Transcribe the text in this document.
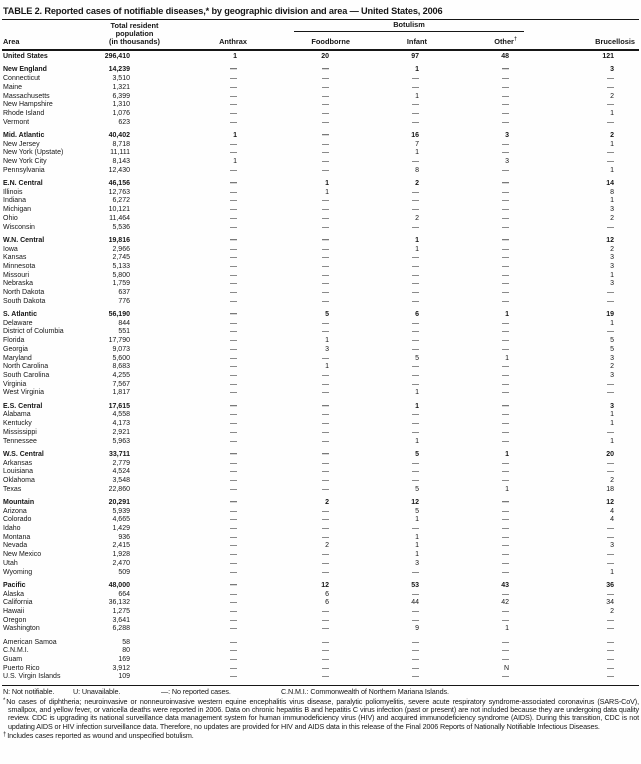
TABLE 2. Reported cases of notifiable diseases,* by geographic division and area — United States, 2006
Area	Total resident
population
(in thousands)	Anthrax	Botulism			Brucellosis
			Foodborne	Infant	Other†
United States	296,410	1	20	97	48	121
New England	14,239	—	—	1	—	3
Connecticut	3,510	—	—	—	—	—
Maine	1,321	—	—	—	—	—
Massachusetts	6,399	—	—	1	—	2
New Hampshire	1,310	—	—	—	—	—
Rhode Island	1,076	—	—	—	—	1
Vermont	623	—	—	—	—	—
Mid. Atlantic	40,402	1	—	16	3	2
New Jersey	8,718	—	—	7	—	1
New York (Upstate)	11,111	—	—	1	—	—
New York City	8,143	1	—	—	3	—
Pennsylvania	12,430	—	—	8	—	1
E.N. Central	46,156	—	1	2	—	14
Illinois	12,763	—	1	—	—	8
Indiana	6,272	—	—	—	—	1
Michigan	10,121	—	—	—	—	3
Ohio	11,464	—	—	2	—	2
Wisconsin	5,536	—	—	—	—	—
W.N. Central	19,816	—	—	1	—	12
Iowa	2,966	—	—	1	—	2
Kansas	2,745	—	—	—	—	3
Minnesota	5,133	—	—	—	—	3
Missouri	5,800	—	—	—	—	1
Nebraska	1,759	—	—	—	—	3
North Dakota	637	—	—	—	—	—
South Dakota	776	—	—	—	—	—
S. Atlantic	56,190	—	5	6	1	19
Delaware	844	—	—	—	—	1
District of Columbia	551	—	—	—	—	—
Florida	17,790	—	1	—	—	5
Georgia	9,073	—	3	—	—	5
Maryland	5,600	—	—	5	1	3
North Carolina	8,683	—	1	—	—	2
South Carolina	4,255	—	—	—	—	3
Virginia	7,567	—	—	—	—	—
West Virginia	1,817	—	—	1	—	—
E.S. Central	17,615	—	—	1	—	3
Alabama	4,558	—	—	—	—	1
Kentucky	4,173	—	—	—	—	1
Mississippi	2,921	—	—	—	—	—
Tennessee	5,963	—	—	1	—	1
W.S. Central	33,711	—	—	5	1	20
Arkansas	2,779	—	—	—	—	—
Louisiana	4,524	—	—	—	—	—
Oklahoma	3,548	—	—	—	—	2
Texas	22,860	—	—	5	1	18
Mountain	20,291	—	2	12	—	12
Arizona	5,939	—	—	5	—	4
Colorado	4,665	—	—	1	—	4
Idaho	1,429	—	—	—	—	—
Montana	936	—	—	1	—	—
Nevada	2,415	—	2	1	—	3
New Mexico	1,928	—	—	1	—	—
Utah	2,470	—	—	3	—	—
Wyoming	509	—	—	—	—	1
Pacific	48,000	—	12	53	43	36
Alaska	664	—	6	—	—	—
California	36,132	—	6	44	42	34
Hawaii	1,275	—	—	—	—	2
Oregon	3,641	—	—	—	—	—
Washington	6,288	—	—	9	1	—
American Samoa	58	—	—	—	—	—
C.N.M.I.	80	—	—	—	—	—
Guam	169	—	—	—	—	—
Puerto Rico	3,912	—	—	—	N	—
U.S. Virgin Islands	109	—	—	—	—	—
N: Not notifiable.	U: Unavailable.	—: No reported cases.	C.N.M.I.: Commonwealth of Northern Mariana Islands.
*No cases of diphtheria; neuroinvasive or nonneuroinvasive western equine encephalitis virus disease, paralytic poliomyelitis, severe acute respiratory syndrome-associated coronavirus (SARS-CoV), smallpox, and yellow fever, or varicella deaths were reported in 2006. Data on chronic hepatitis B and hepatitis C virus infection (past or present) are not included because they are undergoing data quality review. CDC is upgrading its national surveillance data management system for human immunodeficiency virus (HIV) and acquired immunodeficiency syndrome (AIDS). During this transition, CDC is not updating AIDS or HIV infection surveillance data. Therefore, no updates are provided for HIV and AIDS data in this release of the Final 2006 Reports of Nationally Notifiable Infectious Diseases.
†Includes cases reported as wound and unspecified botulism.
